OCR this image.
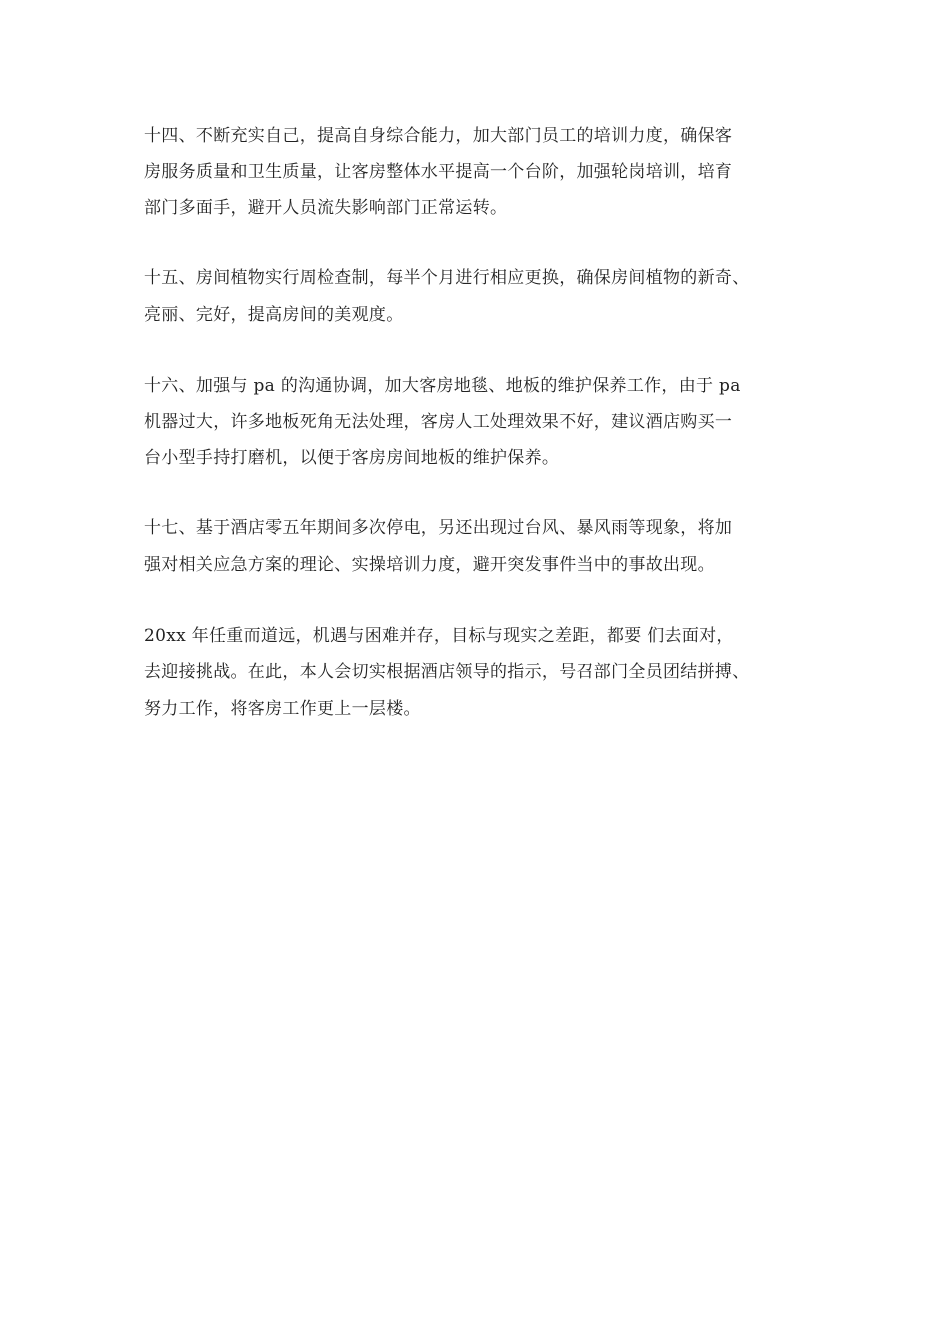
十四、不断充实自己，提高自身综合能力，加大部门员工的培训力度，确保客
房服务质量和卫生质量，让客房整体水平提高一个台阶，加强轮岗培训，培育
部门多面手，避开人员流失影响部门正常运转。
十五、房间植物实行周检查制，每半个月进行相应更换，确保房间植物的新奇、
亮丽、完好，提高房间的美观度。
十六、加强与 pa 的沟通协调，加大客房地毯、地板的维护保养工作，由于 pa
机器过大，许多地板死角无法处理，客房人工处理效果不好，建议酒店购买一
台小型手持打磨机，以便于客房房间地板的维护保养。
十七、基于酒店零五年期间多次停电，另还出现过台风、暴风雨等现象，将加
强对相关应急方案的理论、实操培训力度，避开突发事件当中的事故出现。
20xx 年任重而道远，机遇与困难并存，目标与现实之差距，都要 们去面对，
去迎接挑战。在此，本人会切实根据酒店领导的指示，号召部门全员团结拼搏、
努力工作，将客房工作更上一层楼。
